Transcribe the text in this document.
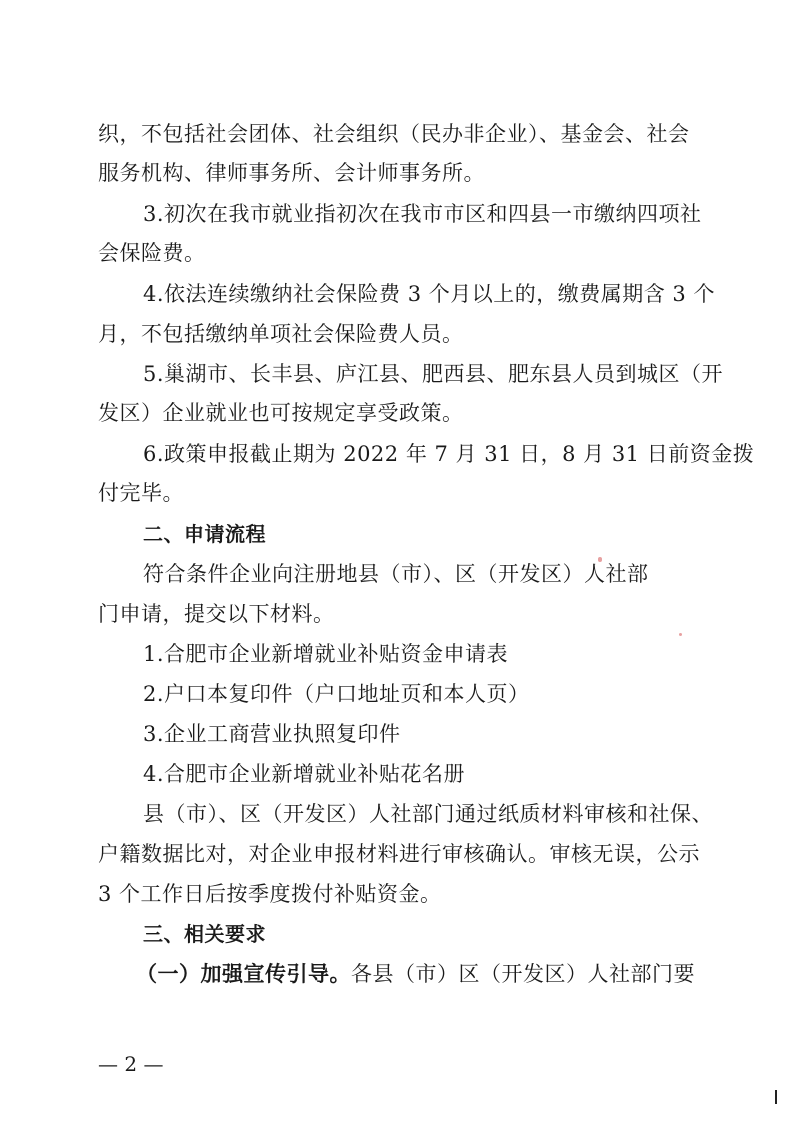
织，不包括社会团体、社会组织（民办非企业）、基金会、社会
服务机构、律师事务所、会计师事务所。
3.初次在我市就业指初次在我市市区和四县一市缴纳四项社
会保险费。
4.依法连续缴纳社会保险费 3 个月以上的，缴费属期含 3 个
月，不包括缴纳单项社会保险费人员。
5.巢湖市、长丰县、庐江县、肥西县、肥东县人员到城区（开
发区）企业就业也可按规定享受政策。
6.政策申报截止期为 2022 年 7 月 31 日，8 月 31 日前资金拨
付完毕。
二、申请流程
符合条件企业向注册地县（市）、区（开发区）人社部
门申请，提交以下材料。
1.合肥市企业新增就业补贴资金申请表
2.户口本复印件（户口地址页和本人页）
3.企业工商营业执照复印件
4.合肥市企业新增就业补贴花名册
县（市）、区（开发区）人社部门通过纸质材料审核和社保、
户籍数据比对，对企业申报材料进行审核确认。审核无误，公示
3 个工作日后按季度拨付补贴资金。
三、相关要求
（一）加强宣传引导。各县（市）区（开发区）人社部门要
— 2 —
